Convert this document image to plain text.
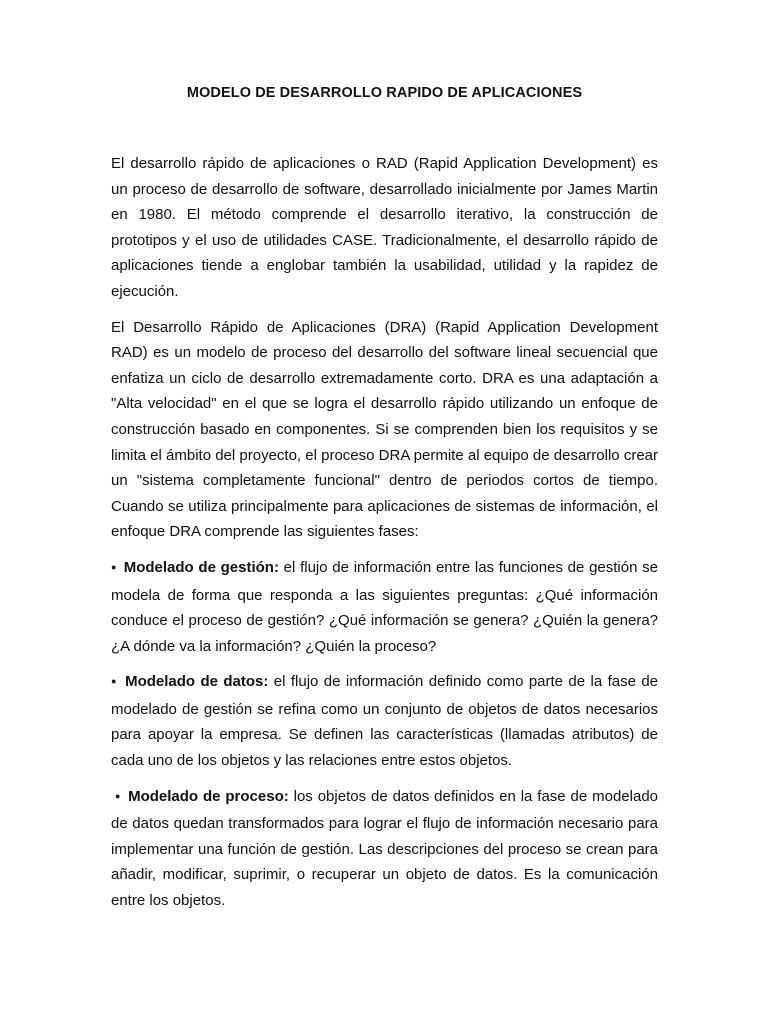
MODELO DE DESARROLLO RAPIDO DE APLICACIONES

El desarrollo rápido de aplicaciones o RAD (Rapid Application Development) es un proceso de desarrollo de software, desarrollado inicialmente por James Martin en 1980. El método comprende el desarrollo iterativo, la construcción de prototipos y el uso de utilidades CASE. Tradicionalmente, el desarrollo rápido de aplicaciones tiende a englobar también la usabilidad, utilidad y la rapidez de ejecución.

El Desarrollo Rápido de Aplicaciones (DRA) (Rapid Application Development RAD) es un modelo de proceso del desarrollo del software lineal secuencial que enfatiza un ciclo de desarrollo extremadamente corto. DRA es una adaptación a "Alta velocidad" en el que se logra el desarrollo rápido utilizando un enfoque de construcción basado en componentes. Si se comprenden bien los requisitos y se limita el ámbito del proyecto, el proceso DRA permite al equipo de desarrollo crear un "sistema completamente funcional" dentro de periodos cortos de tiempo. Cuando se utiliza principalmente para aplicaciones de sistemas de información, el enfoque DRA comprende las siguientes fases:

● Modelado de gestión: el flujo de información entre las funciones de gestión se modela de forma que responda a las siguientes preguntas: ¿Qué información conduce el proceso de gestión? ¿Qué información se genera? ¿Quién la genera? ¿A dónde va la información? ¿Quién la proceso?

● Modelado de datos: el flujo de información definido como parte de la fase de modelado de gestión se refina como un conjunto de objetos de datos necesarios para apoyar la empresa. Se definen las características (llamadas atributos) de cada uno de los objetos y las relaciones entre estos objetos.

● Modelado de proceso: los objetos de datos definidos en la fase de modelado de datos quedan transformados para lograr el flujo de información necesario para implementar una función de gestión. Las descripciones del proceso se crean para añadir, modificar, suprimir, o recuperar un objeto de datos. Es la comunicación entre los objetos.
